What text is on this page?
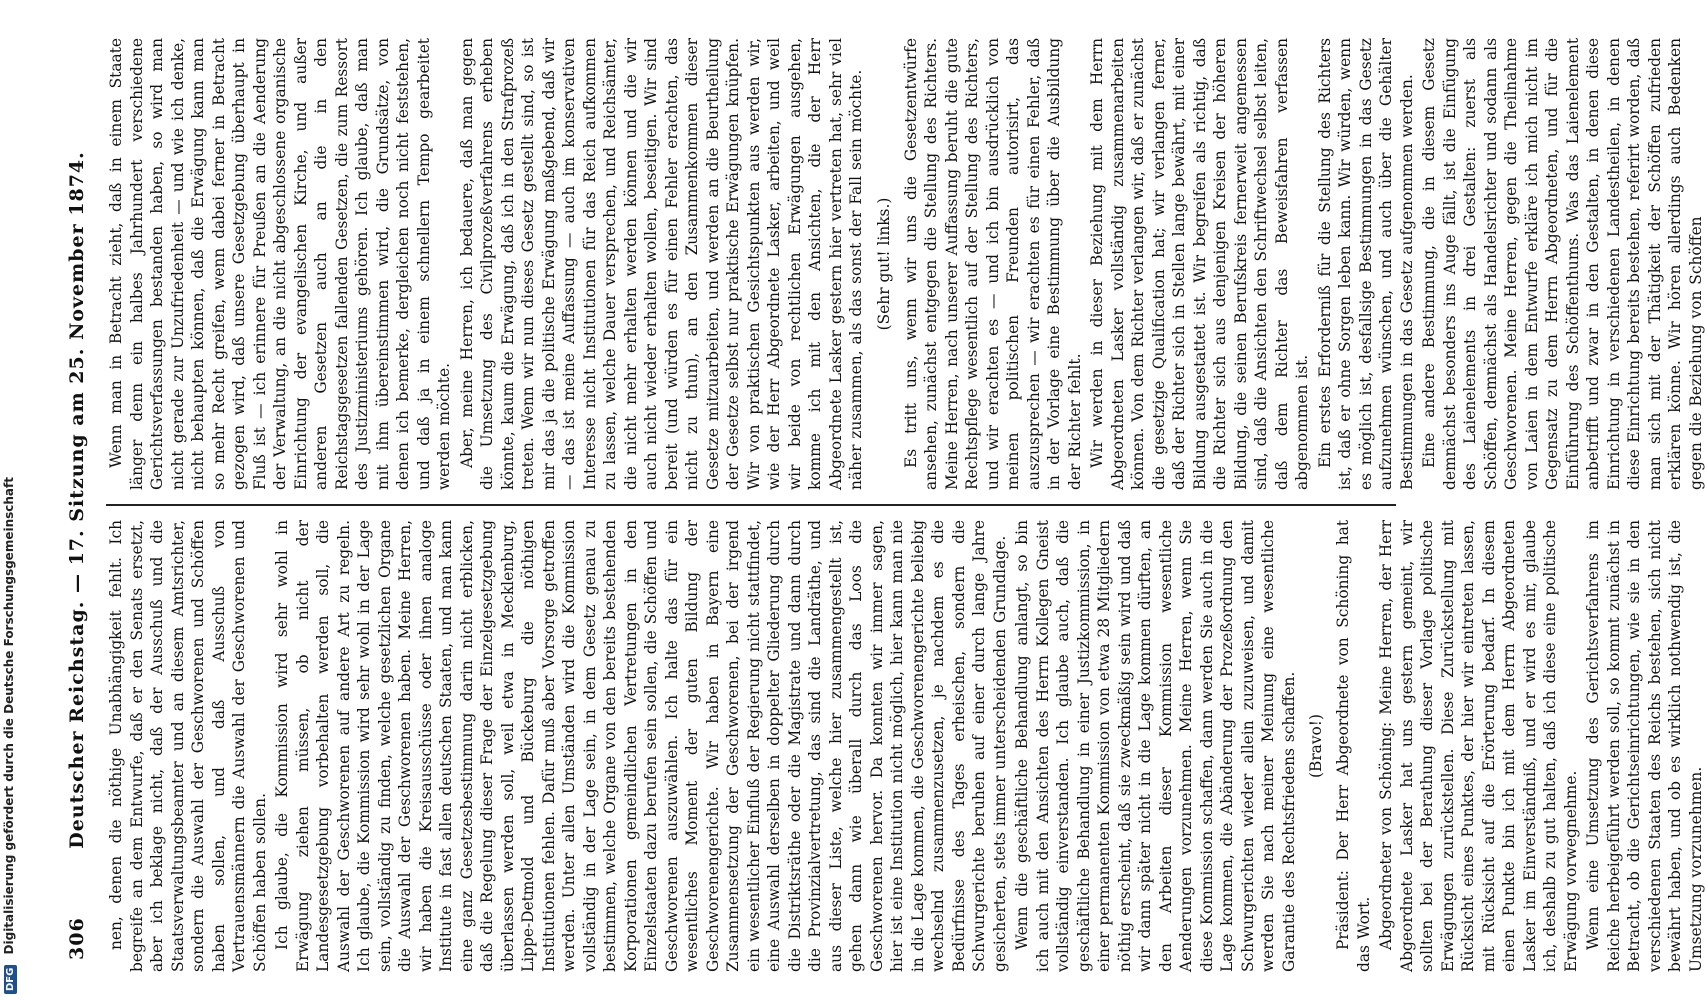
306
Deutscher Reichstag. — 17. Sitzung am 25. November 1874. nen, denen die nöthige Unabhängigkeit fehlt. Ich begreife an dem Entwurfe, daß er den Senats ersetzt, aber ich beklage nicht, daß der Ausschuß und die Staatsverwaltungsbeamter und an diesem Amtsrichter, sondern die Auswahl der Geschworenen und Schöffen haben sollen, und daß Ausschuß von Vertrauensmännern die Auswahl der Geschworenen und Schöffen haben sollen. Ich glaube, die Kommission wird sehr wohl in Erwägung ziehen müssen, ob nicht der Landesgesetzgebung vorbehalten werden soll, die Auswahl der Geschworenen auf andere Art zu regeln. Ich glaube, die Kommission wird sehr wohl in der Lage sein, vollständig zu finden, welche gesetzlichen Organe die Auswahl der Geschworenen haben. Meine Herren, wir haben die Kreisausschüsse oder ihnen analoge Institute in fast allen deutschen Staaten, und man kann eine ganz Gesetzesbestimmung darin nicht erblicken, daß die Regelung dieser Frage der Einzelgesetzgebung überlassen werden soll, weil etwa in Mecklenburg, Lippe-Detmold und Bückeburg die nöthigen Institutionen fehlen. Dafür muß aber Vorsorge getroffen werden. Unter allen Umständen wird die Kommission vollständig in der Lage sein, in dem Gesetz genau zu bestimmen, welche Organe von den bereits bestehenden Korporationen gemeindlichen Vertretungen in den Einzelstaaten dazu berufen sein sollen, die Schöffen und Geschworenen auszuwählen. Ich halte das für ein wesentliches Moment der guten Bildung der Geschworenengerichte. Wir haben in Bayern eine Zusammensetzung der Geschworenen, bei der irgend ein wesentlicher Einfluß der Regierung nicht stattfindet, eine Auswahl derselben in doppelter Gliederung durch die Distriktsräthe oder die Magistrate und dann durch die Provinzialvertretung, das sind die Landräthe, und aus dieser Liste, welche hier zusammengestellt ist, gehen dann wie überall durch das Loos die Geschworenen hervor. Da konnten wir immer sagen, hier ist eine Institution nicht möglich, hier kann man nie in die Lage kommen, die Geschworenengerichte beliebig wechselnd zusammenzusetzen, je nachdem es die Bedürfnisse des Tages erheischen, sondern die Schwurgerichte beruhen auf einer durch lange Jahre gesicherten, stets immer unterscheidenden Grundlage. Wenn die geschäftliche Behandlung anlangt, so bin ich auch mit den Ansichten des Herrn Kollegen Gneist vollständig einverstanden. Ich glaube auch, daß die geschäftliche Behandlung in einer Justizkommission, in einer permanenten Kommission von etwa 28 Mitgliedern nöthig erscheint, daß sie zweckmäßig sein wird und daß wir dann später nicht in die Lage kommen dürften, an den Arbeiten dieser Kommission wesentliche Aenderungen vorzunehmen. Meine Herren, wenn Sie diese Kommission schaffen, dann werden Sie auch in die Lage kommen, die Abänderung der Prozeßordnung den Schwurgerichten wieder allein zuzuweisen, und damit werden Sie nach meiner Meinung eine wesentliche Garantie des Rechtsfriedens schaffen. (Bravo!) Präsident: Der Herr Abgeordnete von Schöning hat das Wort. Abgeordneter von Schöning: Meine Herren, der Herr Abgeordnete Lasker hat uns gestern gemeint, wir sollten bei der Berathung dieser Vorlage politische Erwägungen zurückstellen. Diese Zurückstellung mit Rücksicht eines Punktes, der hier wir eintreten lassen, mit Rücksicht auf die Erörterung bedarf. In diesem einen Punkte bin ich mit dem Herrn Abgeordneten Lasker im Einverständniß, und er wird es mir, glaube ich, deshalb zu gut halten, daß ich diese eine politische Erwägung vorwegnehme. Wenn eine Umsetzung des Gerichtsverfahrens im Reiche herbeigeführt werden soll, so kommt zunächst in Betracht, ob die Gerichtseinrichtungen, wie sie in den verschiedenen Staaten des Reichs bestehen, sich nicht bewährt haben, und ob es wirklich nothwendig ist, die Umsetzung vorzunehmen.

Wenn man in Betracht zieht, daß in einem Staate länger denn ein halbes Jahrhundert verschiedene Gerichtsverfassungen bestanden haben, so wird man nicht gerade zur Unzufriedenheit — und wie ich denke, nicht behaupten können, daß die Erwägung kann man so mehr Recht greifen, wenn dabei ferner in Betracht gezogen wird, daß unsere Gesetzgebung überhaupt in Fluß ist — ich erinnere für Preußen an die Aenderung der Verwaltung, an die nicht abgeschlossene organische Einrichtung der evangelischen Kirche, und außer anderen Gesetzen auch an die in den Reichstagsgesetzen fallenden Gesetzen, die zum Ressort des Justizministeriums gehören. Ich glaube, daß man mit ihm übereinstimmen wird, die Grundsätze, von denen ich bemerke, dergleichen noch nicht feststehen, und daß ja in einem schnellern Tempo gearbeitet werden möchte. Aber, meine Herren, ich bedauere, daß man gegen die Umsetzung des Civilprozeßverfahrens erheben könnte, kaum die Erwägung, daß ich in den Strafprozeß treten. Wenn wir nun dieses Gesetz gestellt sind, so ist mir das ja die politische Erwägung maßgebend, daß wir — das ist meine Auffassung — auch im konservativen Interesse nicht Institutionen für das Reich aufkommen zu lassen, welche Dauer versprechen, und Reichsämter, die nicht mehr erhalten werden können und die wir auch nicht wieder erhalten wollen, beseitigen. Wir sind bereit (und würden es für einen Fehler erachten, das nicht zu thun), an den Zusammenkommen dieser Gesetze mitzuarbeiten, und werden an die Beurtheilung der Gesetze selbst nur praktische Erwägungen knüpfen. Wir von praktischen Gesichtspunkten aus werden wir, wie der Herr Abgeordnete Lasker, arbeiten, und weil wir beide von rechtlichen Erwägungen ausgehen, komme ich mit den Ansichten, die der Herr Abgeordnete Lasker gestern hier vertreten hat, sehr viel näher zusammen, als das sonst der Fall sein möchte. (Sehr gut! links.) Es tritt uns, wenn wir uns die Gesetzentwürfe ansehen, zunächst entgegen die Stellung des Richters. Meine Herren, nach unserer Auffassung beruht die gute Rechtspflege wesentlich auf der Stellung des Richters, und wir erachten es — und ich bin ausdrücklich von meinen politischen Freunden autorisirt, das auszusprechen — wir erachten es für einen Fehler, daß in der Vorlage eine Bestimmung über die Ausbildung der Richter fehlt. Wir werden in dieser Beziehung mit dem Herrn Abgeordneten Lasker vollständig zusammenarbeiten können. Von dem Richter verlangen wir, daß er zunächst die gesetzige Qualification hat; wir verlangen ferner, daß der Richter sich in Stellen lange bewährt, mit einer Bildung ausgestattet ist. Wir begreifen als richtig, daß die Richter sich aus denjenigen Kreisen der höheren Bildung, die seinen Berufskreis fernerweit angemessen sind, daß die Ansichten den Schriftwechsel selbst leiten, daß dem Richter das Beweisfahren verfassen abgenommen ist. Ein erstes Erforderniß für die Stellung des Richters ist, daß er ohne Sorgen leben kann. Wir würden, wenn es möglich ist, desfallsige Bestimmungen in das Gesetz aufzunehmen wünschen, und auch über die Gehälter Bestimmungen in das Gesetz aufgenommen werden. Eine andere Bestimmung, die in diesem Gesetz demnächst besonders ins Auge fällt, ist die Einfügung des Laienelements in drei Gestalten: zuerst als Schöffen, demnächst als Handelsrichter und sodann als Geschworenen. Meine Herren, gegen die Theilnahme von Laien in dem Entwurfe erkläre ich mich nicht im Gegensatz zu dem Herrn Abgeordneten, und für die Einführung des Schöffenthums. Was das Laienelement anbetrifft und zwar in den Gestalten, in denen diese Einrichtung in verschiedenen Landestheilen, in denen diese Einrichtung bereits bestehen, referirt worden, daß man sich mit der Thätigkeit der Schöffen zufrieden erklären könne. Wir hören allerdings auch Bedenken gegen die Beziehung von Schöffen

DFG Digitalisierung gefördert durch die Deutsche Forschungsgemeinschaft
